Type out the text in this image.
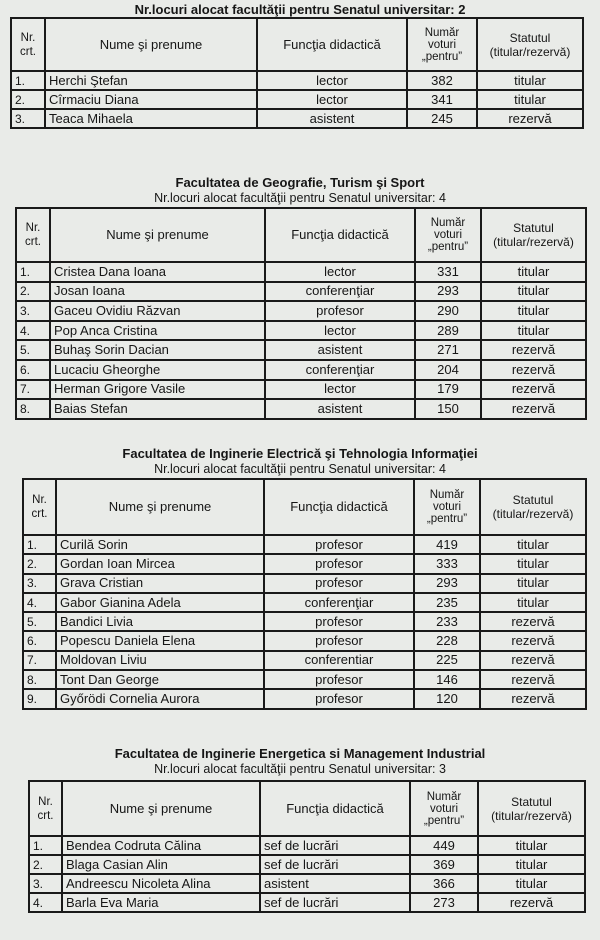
Nr.locuri alocat facultăţii pentru Senatul universitar: 2
Nr.
crt.	Nume şi prenume	Funcţia didactică	Număr
voturi
„pentru”	Statutul
(titular/rezervă)
1.	Herchi Ştefan	lector	382	titular
2.	Cîrmaciu Diana	lector	341	titular
3.	Teaca Mihaela	asistent	245	rezervă
Facultatea de Geografie, Turism şi Sport
Nr.locuri alocat facultăţii pentru Senatul universitar: 4
Nr.
crt.	Nume şi prenume	Funcţia didactică	Număr
voturi
„pentru”	Statutul
(titular/rezervă)
1.	Cristea Dana Ioana	lector	331	titular
2.	Josan Ioana	conferenţiar	293	titular
3.	Gaceu Ovidiu Răzvan	profesor	290	titular
4.	Pop Anca Cristina	lector	289	titular
5.	Buhaş Sorin Dacian	asistent	271	rezervă
6.	Lucaciu Gheorghe	conferenţiar	204	rezervă
7.	Herman Grigore Vasile	lector	179	rezervă
8.	Baias Stefan	asistent	150	rezervă
Facultatea de Inginerie Electrică şi Tehnologia Informaţiei
Nr.locuri alocat facultăţii pentru Senatul universitar: 4
Nr.
crt.	Nume şi prenume	Funcţia didactică	Număr
voturi
„pentru”	Statutul
(titular/rezervă)
1.	Curilă Sorin	profesor	419	titular
2.	Gordan Ioan Mircea	profesor	333	titular
3.	Grava Cristian	profesor	293	titular
4.	Gabor Gianina Adela	conferenţiar	235	titular
5.	Bandici Livia	profesor	233	rezervă
6.	Popescu Daniela Elena	profesor	228	rezervă
7.	Moldovan Liviu	conferentiar	225	rezervă
8.	Tont Dan George	profesor	146	rezervă
9.	Győrödi Cornelia Aurora	profesor	120	rezervă
Facultatea de Inginerie Energetica si Management Industrial
Nr.locuri alocat facultăţii pentru Senatul universitar: 3
Nr.
crt.	Nume şi prenume	Funcţia didactică	Număr
voturi
„pentru”	Statutul
(titular/rezervă)
1.	Bendea Codruta Călina	sef de lucrări	449	titular
2.	Blaga Casian Alin	sef de lucrări	369	titular
3.	Andreescu Nicoleta Alina	asistent	366	titular
4.	Barla Eva Maria	sef de lucrări	273	rezervă
